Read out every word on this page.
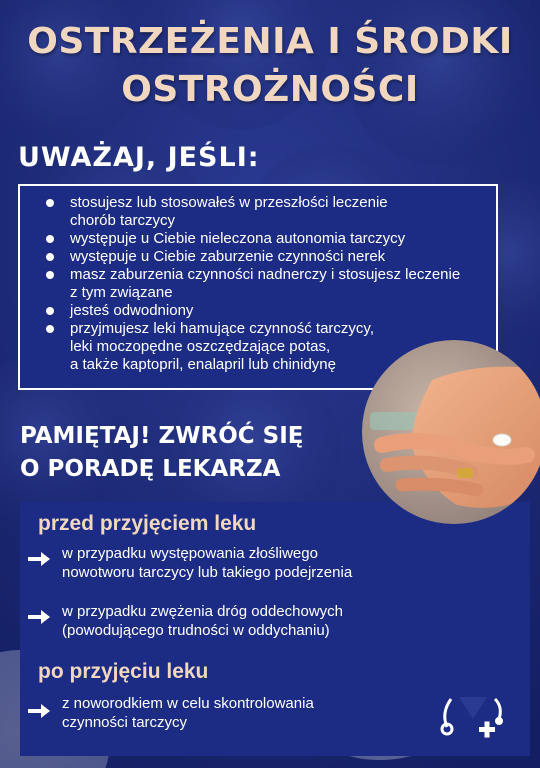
OSTRZEŻENIA I ŚRODKI
OSTROŻNOŚCI
UWAŻAJ, JEŚLI:
stosujesz lub stosowałeś w przeszłości leczenie
chorób tarczycy
występuje u Ciebie nieleczona autonomia tarczycy
występuje u Ciebie zaburzenie czynności nerek
masz zaburzenia czynności nadnerczy i stosujesz leczenie
z tym związane
jesteś odwodniony
przyjmujesz leki hamujące czynność tarczycy,
leki moczopędne oszczędzające potas,
a także kaptopril, enalapril lub chinidynę
PAMIĘTAJ! ZWRÓĆ SIĘ
O PORADĘ LEKARZA
przed przyjęciem leku
w przypadku występowania złośliwego
nowotworu tarczycy lub takiego podejrzenia
w przypadku zwężenia dróg oddechowych
(powodującego trudności w oddychaniu)
po przyjęciu leku
z noworodkiem w celu skontrolowania
czynności tarczycy
